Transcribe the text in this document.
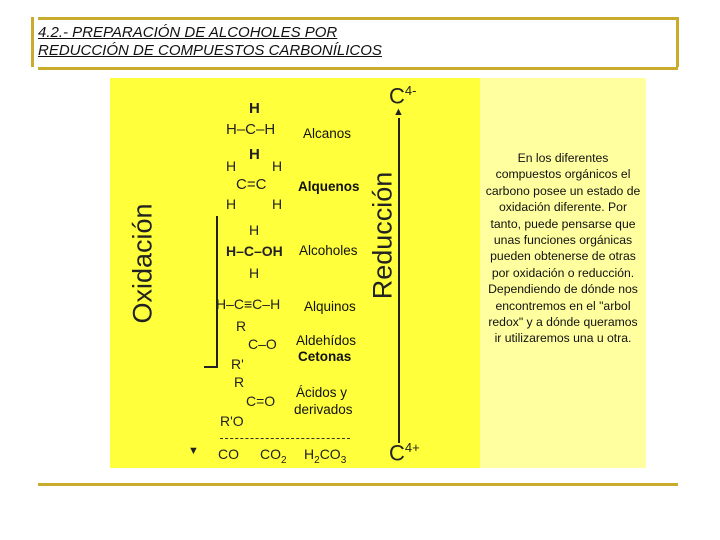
4.2.- PREPARACIÓN DE ALCOHOLES POR
REDUCCIÓN DE COMPUESTOS CARBONÍLICOS
Oxidación
▼
Reducción
▲
$C^{4-}$
H
H–C–H
H
Alcanos
H	H
C=C
H	H
Alquenos
H
H–C–OH
H
Alcoholes
H–C≡C–H Alquinos
R
C–O
R'
Aldehídos
Cetonas
R
C=O
R'O
Ácidos y
derivados
CO $CO_2$ $H_2CO_3$ $C^{4+}$
En los diferentes compuestos orgánicos el carbono posee un estado de oxidación diferente. Por tanto, puede pensarse que unas funciones orgánicas pueden obtenerse de otras por oxidación o reducción. Dependiendo de dónde nos encontremos en el "arbol redox" y a dónde queramos ir utilizaremos una u otra.
